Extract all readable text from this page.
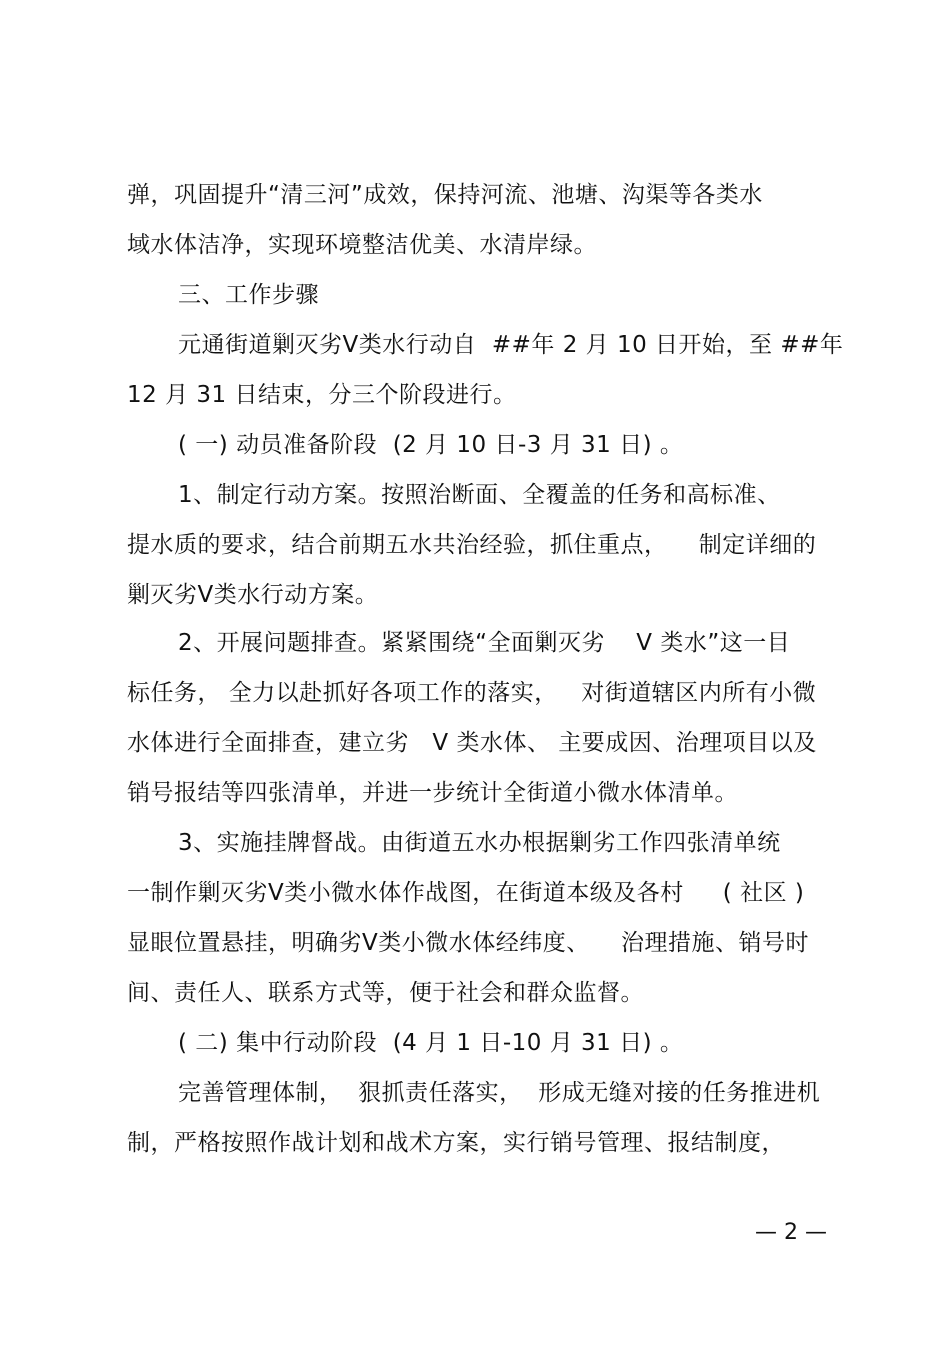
弹，巩固提升“清三河”成效，保持河流、池塘、沟渠等各类水
域水体洁净，实现环境整洁优美、水清岸绿。
三、工作步骤
元通街道剿灭劣Ⅴ类水行动自  ##年 2 月 10 日开始，至 ##年
12 月 31 日结束，分三个阶段进行。
( 一) 动员准备阶段  (2 月 10 日-3 月 31 日) 。
1、制定行动方案。按照治断面、全覆盖的任务和高标准、
提水质的要求，结合前期五水共治经验，抓住重点，    制定详细的
剿灭劣Ⅴ类水行动方案。
2、开展问题排查。紧紧围绕“全面剿灭劣    V 类水”这一目
标任务， 全力以赴抓好各项工作的落实，   对街道辖区内所有小微
水体进行全面排查，建立劣   V 类水体、 主要成因、治理项目以及
销号报结等四张清单，并进一步统计全街道小微水体清单。
3、实施挂牌督战。由街道五水办根据剿劣工作四张清单统
一制作剿灭劣Ⅴ类小微水体作战图，在街道本级及各村     ( 社区 )
显眼位置悬挂，明确劣Ⅴ类小微水体经纬度、    治理措施、销号时
间、责任人、联系方式等，便于社会和群众监督。
( 二) 集中行动阶段  (4 月 1 日-10 月 31 日) 。
完善管理体制，  狠抓责任落实，  形成无缝对接的任务推进机
制，严格按照作战计划和战术方案，实行销号管理、报结制度，
— 2 —
